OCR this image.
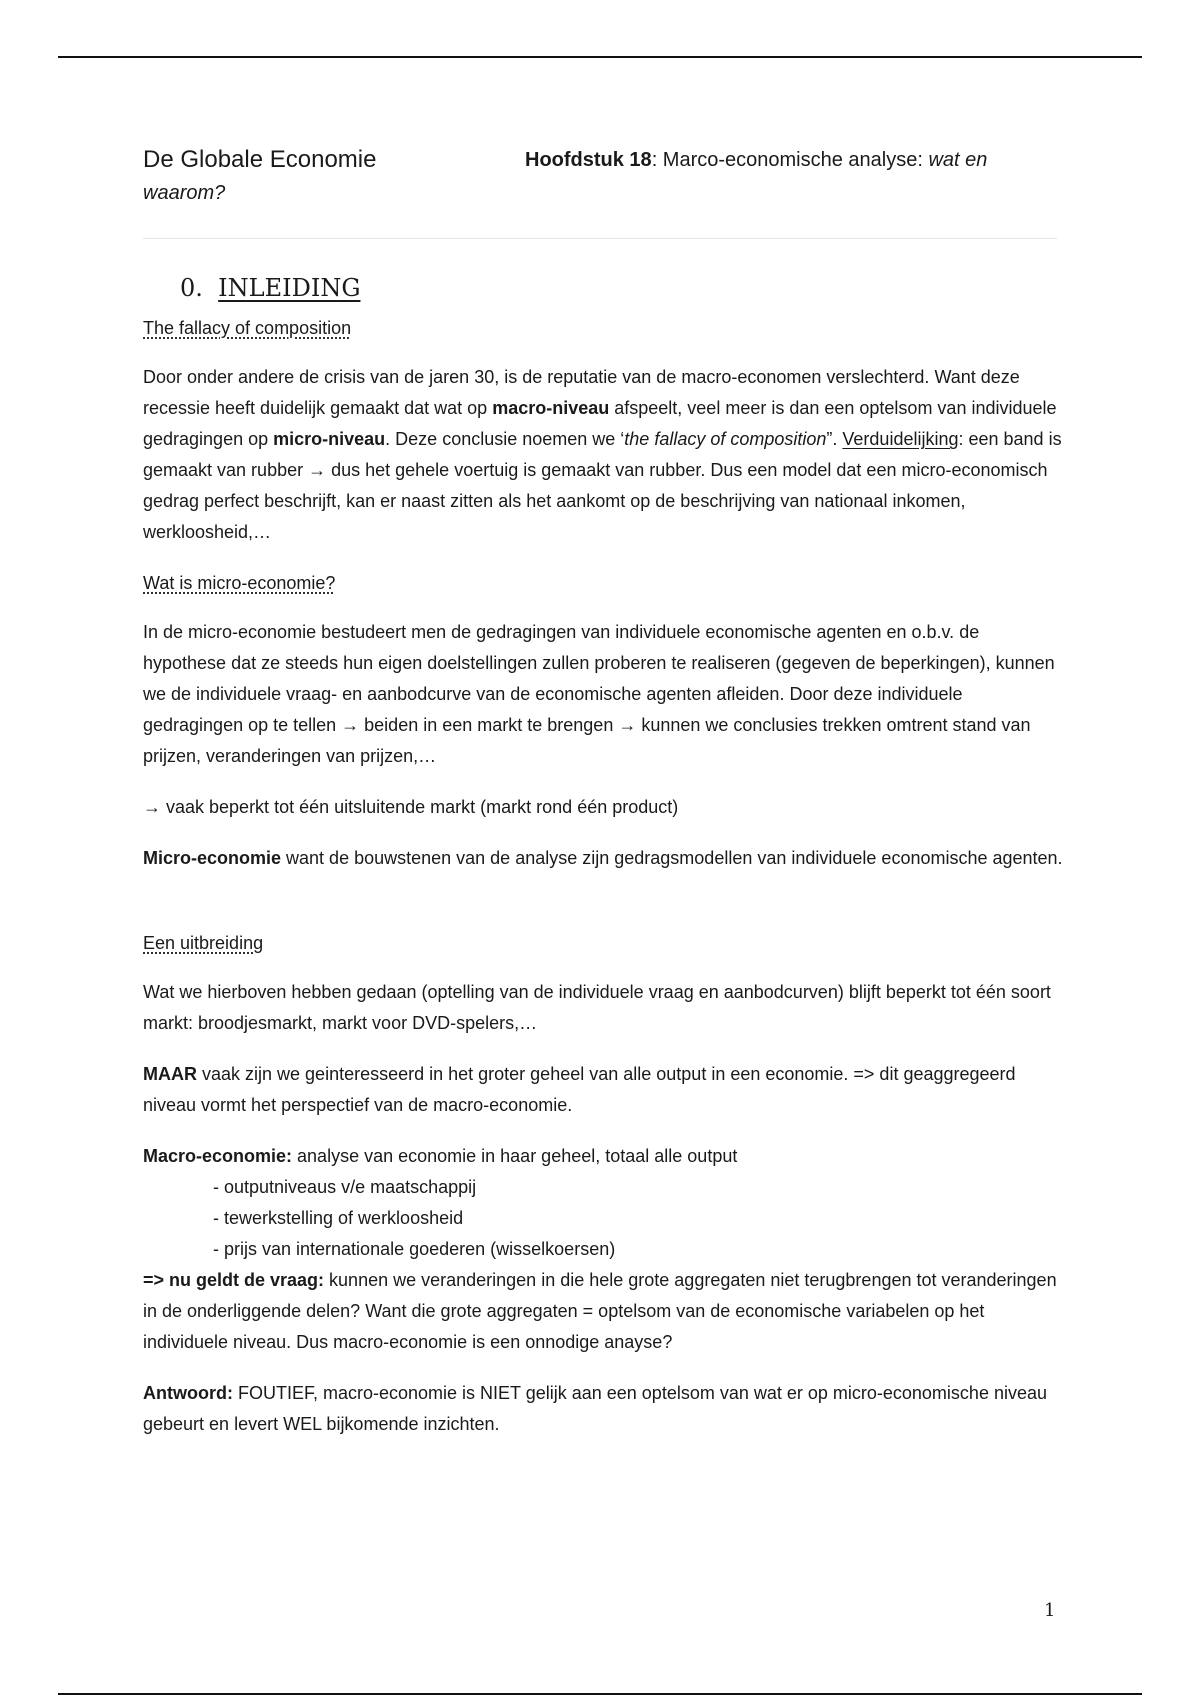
De Globale Economie	Hoofdstuk 18: Marco-economische analyse: wat en
waarom?
0. INLEIDING

The fallacy of composition

Door onder andere de crisis van de jaren 30, is de reputatie van de macro-economen verslechterd. Want deze recessie heeft duidelijk gemaakt dat wat op macro-niveau afspeelt, veel meer is dan een optelsom van individuele gedragingen op micro-niveau. Deze conclusie noemen we ‘the fallacy of composition”. Verduidelijking: een band is gemaakt van rubber → dus het gehele voertuig is gemaakt van rubber. Dus een model dat een micro-economisch gedrag perfect beschrijft, kan er naast zitten als het aankomt op de beschrijving van nationaal inkomen, werkloosheid,…

Wat is micro-economie?

In de micro-economie bestudeert men de gedragingen van individuele economische agenten en o.b.v. de hypothese dat ze steeds hun eigen doelstellingen zullen proberen te realiseren (gegeven de beperkingen), kunnen we de individuele vraag- en aanbodcurve van de economische agenten afleiden. Door deze individuele gedragingen op te tellen → beiden in een markt te brengen → kunnen we conclusies trekken omtrent stand van prijzen, veranderingen van prijzen,…

→ vaak beperkt tot één uitsluitende markt (markt rond één product)

Micro-economie want de bouwstenen van de analyse zijn gedragsmodellen van individuele economische agenten.

Een uitbreiding

Wat we hierboven hebben gedaan (optelling van de individuele vraag en aanbodcurven) blijft beperkt tot één soort markt: broodjesmarkt, markt voor DVD-spelers,…

MAAR vaak zijn we geinteresseerd in het groter geheel van alle output in een economie. => dit geaggregeerd niveau vormt het perspectief van de macro-economie.

Macro-economie: analyse van economie in haar geheel, totaal alle output

- outputniveaus v/e maatschappij
- tewerkstelling of werkloosheid
- prijs van internationale goederen (wisselkoersen)

=> nu geldt de vraag: kunnen we veranderingen in die hele grote aggregaten niet terugbrengen tot veranderingen in de onderliggende delen? Want die grote aggregaten = optelsom van de economische variabelen op het individuele niveau. Dus macro-economie is een onnodige anayse?

Antwoord: FOUTIEF, macro-economie is NIET gelijk aan een optelsom van wat er op micro-economische niveau gebeurt en levert WEL bijkomende inzichten.

1
